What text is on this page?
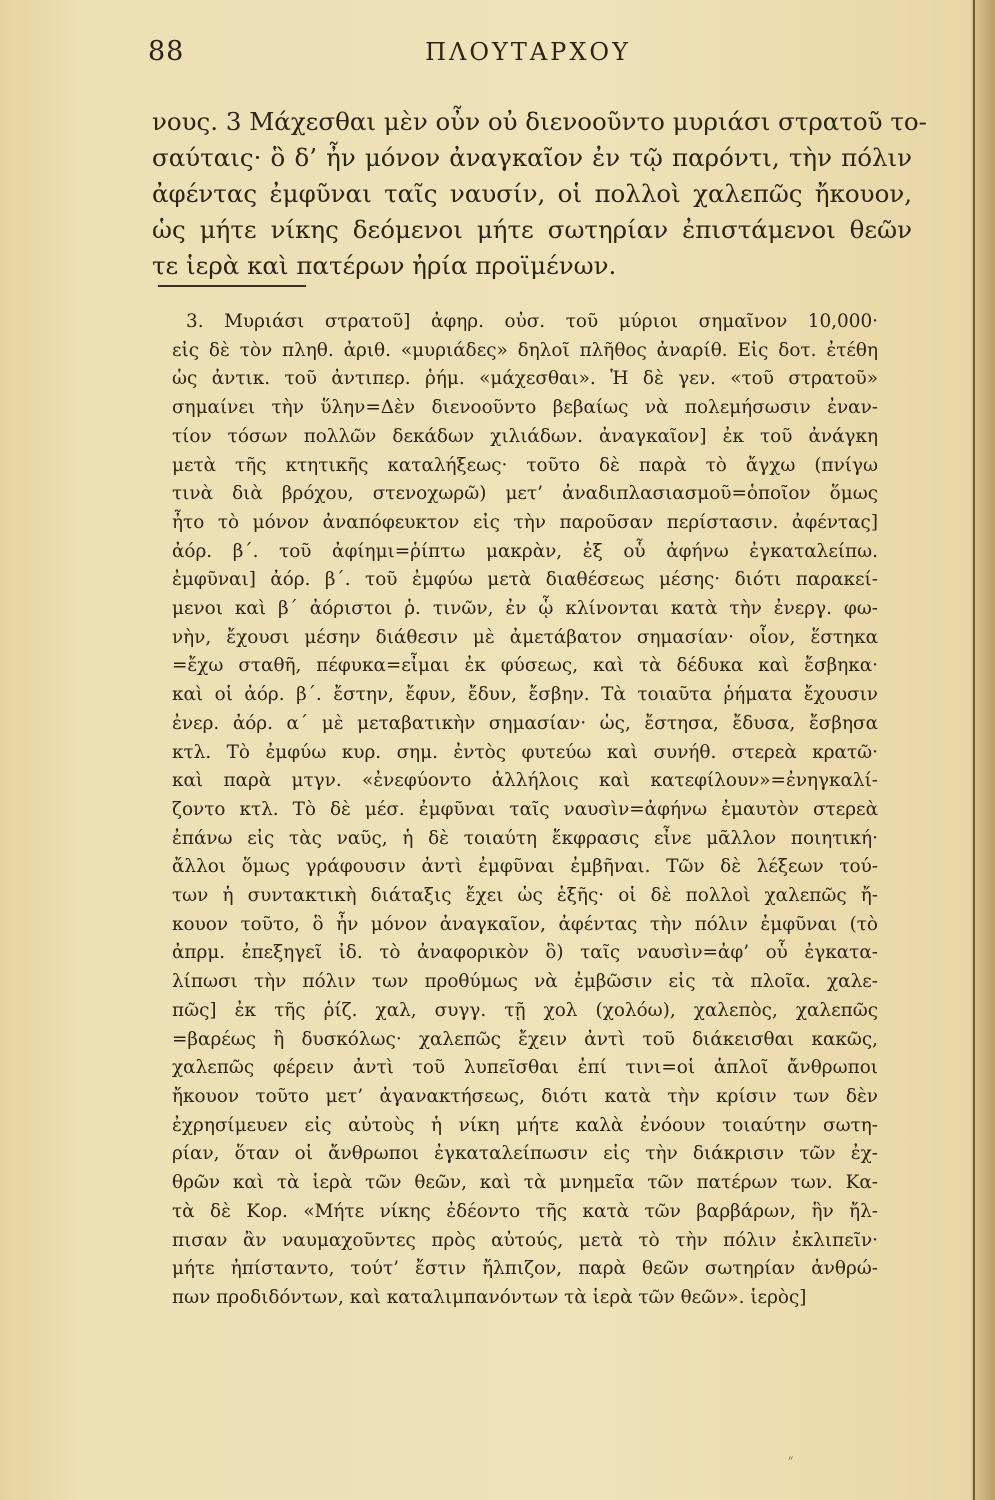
88	ΠΛΟΥΤΑΡΧΟΥ
νους. 3 Μάχεσθαι μὲν οὖν οὐ διενοοῦντο μυριάσι στρατοῦ το-
σαύταις· ὃ δ’ ἦν μόνον ἀναγκαῖον ἐν τῷ παρόντι, τὴν πόλιν
ἀφέντας ἐμφῦναι ταῖς ναυσίν, οἱ πολλοὶ χαλεπῶς ἤκουον,
ὡς μήτε νίκης δεόμενοι μήτε σωτηρίαν ἐπιστάμενοι θεῶν
τε ἱερὰ καὶ πατέρων ἠρία προϊμένων.
3. Μυριάσι στρατοῦ] ἀφηρ. οὐσ. τοῦ μύριοι σημαῖνον 10,000·
εἰς δὲ τὸν πληθ. ἀριθ. «μυριάδες» δηλοῖ πλῆθος ἀναρίθ. Εἰς δοτ. ἐτέθη
ὡς ἀντικ. τοῦ ἀντιπερ. ῥήμ. «μάχεσθαι». Ἡ δὲ γεν. «τοῦ στρατοῦ»
σημαίνει τὴν ὕλην=Δὲν διενοοῦντο βεβαίως νὰ πολεμήσωσιν ἐναν-
τίον τόσων πολλῶν δεκάδων χιλιάδων. ἀναγκαῖον] ἐκ τοῦ ἀνάγκη
μετὰ τῆς κτητικῆς καταλήξεως· τοῦτο δὲ παρὰ τὸ ἄγχω (πνίγω
τινὰ διὰ βρόχου, στενοχωρῶ) μετ’ ἀναδιπλασιασμοῦ=ὁποῖον ὅμως
ἦτο τὸ μόνον ἀναπόφευκτον εἰς τὴν παροῦσαν περίστασιν. ἀφέντας]
ἀόρ. β΄. τοῦ ἀφίημι=ῥίπτω μακρὰν, ἐξ οὗ ἀφήνω ἐγκαταλείπω.
ἐμφῦναι] ἀόρ. β΄. τοῦ ἐμφύω μετὰ διαθέσεως μέσης· διότι παρακεί-
μενοι καὶ β΄ ἀόριστοι ῥ. τινῶν, ἐν ᾧ κλίνονται κατὰ τὴν ἐνεργ. φω-
νὴν, ἔχουσι μέσην διάθεσιν μὲ ἀμετάβατον σημασίαν· οἷον, ἕστηκα
=ἔχω σταθῆ, πέφυκα=εἶμαι ἐκ φύσεως, καὶ τὰ δέδυκα καὶ ἔσβηκα·
καὶ οἱ ἀόρ. β΄. ἔστην, ἔφυν, ἔδυν, ἔσβην. Τὰ τοιαῦτα ῥήματα ἔχουσιν
ἐνερ. ἀόρ. α΄ μὲ μεταβατικὴν σημασίαν· ὡς, ἔστησα, ἔδυσα, ἔσβησα
κτλ. Τὸ ἐμφύω κυρ. σημ. ἐντὸς φυτεύω καὶ συνήθ. στερεὰ κρατῶ·
καὶ παρὰ μτγν. «ἐνεφύοντο ἀλλήλοις καὶ κατεφίλουν»=ἐνηγκαλί-
ζοντο κτλ. Τὸ δὲ μέσ. ἐμφῦναι ταῖς ναυσὶν=ἀφήνω ἐμαυτὸν στερεὰ
ἐπάνω εἰς τὰς ναῦς, ἡ δὲ τοιαύτη ἔκφρασις εἶνε μᾶλλον ποιητική·
ἄλλοι ὅμως γράφουσιν ἀντὶ ἐμφῦναι ἐμβῆναι. Τῶν δὲ λέξεων τού-
των ἡ συντακτικὴ διάταξις ἔχει ὡς ἑξῆς· οἱ δὲ πολλοὶ χαλεπῶς ἤ-
κουον τοῦτο, ὃ ἦν μόνον ἀναγκαῖον, ἀφέντας τὴν πόλιν ἐμφῦναι (τὸ
ἀπρμ. ἐπεξηγεῖ ἰδ. τὸ ἀναφορικὸν ὃ) ταῖς ναυσὶν=ἀφ’ οὗ ἐγκατα-
λίπωσι τὴν πόλιν των προθύμως νὰ ἐμβῶσιν εἰς τὰ πλοῖα. χαλε-
πῶς] ἐκ τῆς ῥίζ. χαλ, συγγ. τῇ χολ (χολόω), χαλεπὸς, χαλεπῶς
=βαρέως ἢ δυσκόλως· χαλεπῶς ἔχειν ἀντὶ τοῦ διάκεισθαι κακῶς,
χαλεπῶς φέρειν ἀντὶ τοῦ λυπεῖσθαι ἐπί τινι=οἱ ἁπλοῖ ἄνθρωποι
ἤκουον τοῦτο μετ’ ἀγανακτήσεως, διότι κατὰ τὴν κρίσιν των δὲν
ἐχρησίμευεν εἰς αὐτοὺς ἡ νίκη μήτε καλὰ ἐνόουν τοιαύτην σωτη-
ρίαν, ὅταν οἱ ἄνθρωποι ἐγκαταλείπωσιν εἰς τὴν διάκρισιν τῶν ἐχ-
θρῶν καὶ τὰ ἱερὰ τῶν θεῶν, καὶ τὰ μνημεῖα τῶν πατέρων των. Κα-
τὰ δὲ Κορ. «Μήτε νίκης ἐδέοντο τῆς κατὰ τῶν βαρβάρων, ἣν ἤλ-
πισαν ἂν ναυμαχοῦντες πρὸς αὐτούς, μετὰ τὸ τὴν πόλιν ἐκλιπεῖν·
μήτε ἠπίσταντο, τούτ’ ἔστιν ἤλπιζον, παρὰ θεῶν σωτηρίαν ἀνθρώ-
πων προδιδόντων, καὶ καταλιμπανόντων τὰ ἱερὰ τῶν θεῶν». ἱερὸς]
״
